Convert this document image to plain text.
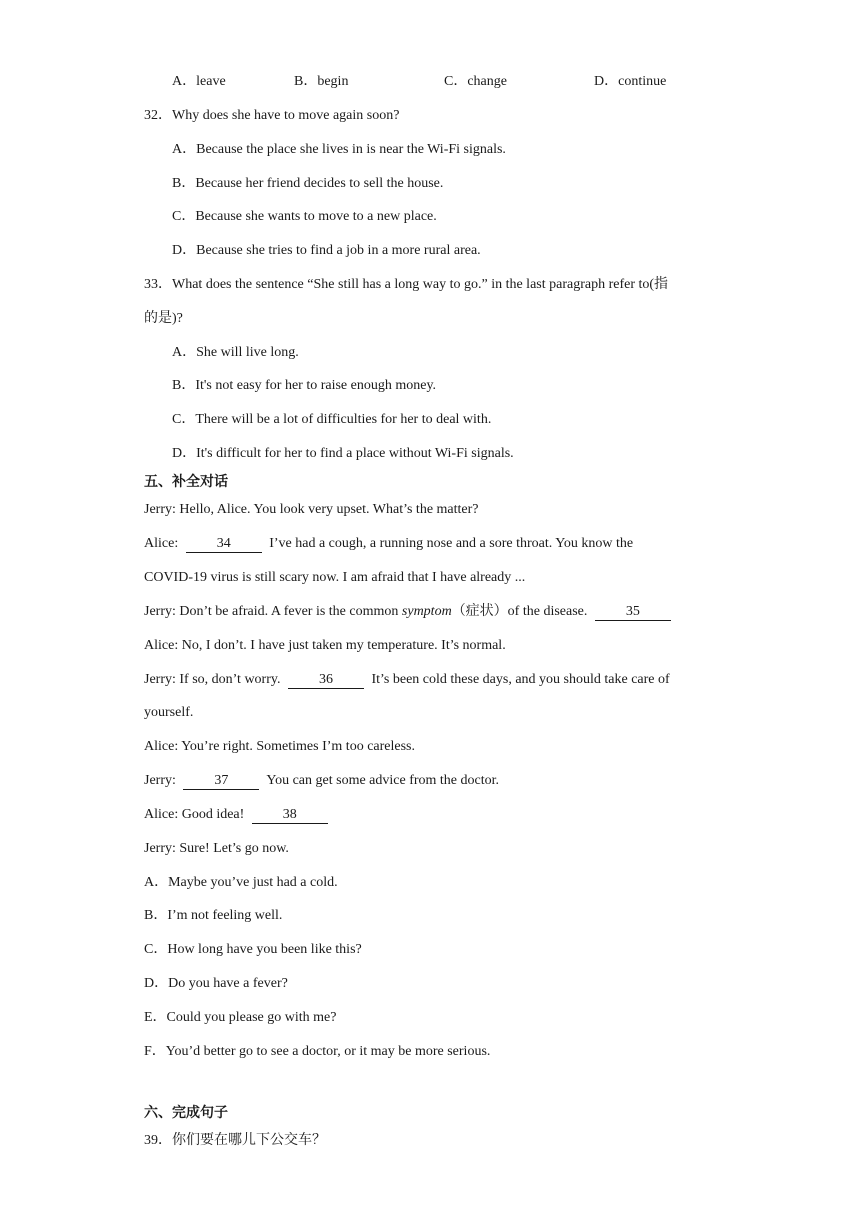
A．leave	B．begin	C．change	D．continue
32．Why does she have to move again soon?
A．Because the place she lives in is near the Wi-Fi signals.
B．Because her friend decides to sell the house.
C．Because she wants to move to a new place.
D．Because she tries to find a job in a more rural area.
33．What does the sentence “She still has a long way to go.” in the last paragraph refer to(指
的是)?
A．She will live long.
B．It's not easy for her to raise enough money.
C．There will be a lot of difficulties for her to deal with.
D．It's difficult for her to find a place without Wi-Fi signals.
五、补全对话
Jerry: Hello, Alice. You look very upset. What’s the matter?
Alice:	34	I’ve had a cough, a running nose and a sore throat. You know the
COVID-19 virus is still scary now. I am afraid that I have already ...
Jerry: Don’t be afraid. A fever is the common symptom（症状）of the disease.	35
Alice: No, I don’t. I have just taken my temperature. It’s normal.
Jerry: If so, don’t worry.	36	It’s been cold these days, and you should take care of
yourself.
Alice: You’re right. Sometimes I’m too careless.
Jerry:	37	You can get some advice from the doctor.
Alice: Good idea!	38
Jerry: Sure! Let’s go now.
A．Maybe you’ve just had a cold.
B．I’m not feeling well.
C．How long have you been like this?
D．Do you have a fever?
E．Could you please go with me?
F．You’d better go to see a doctor, or it may be more serious.
六、完成句子
39．你们要在哪儿下公交车？
